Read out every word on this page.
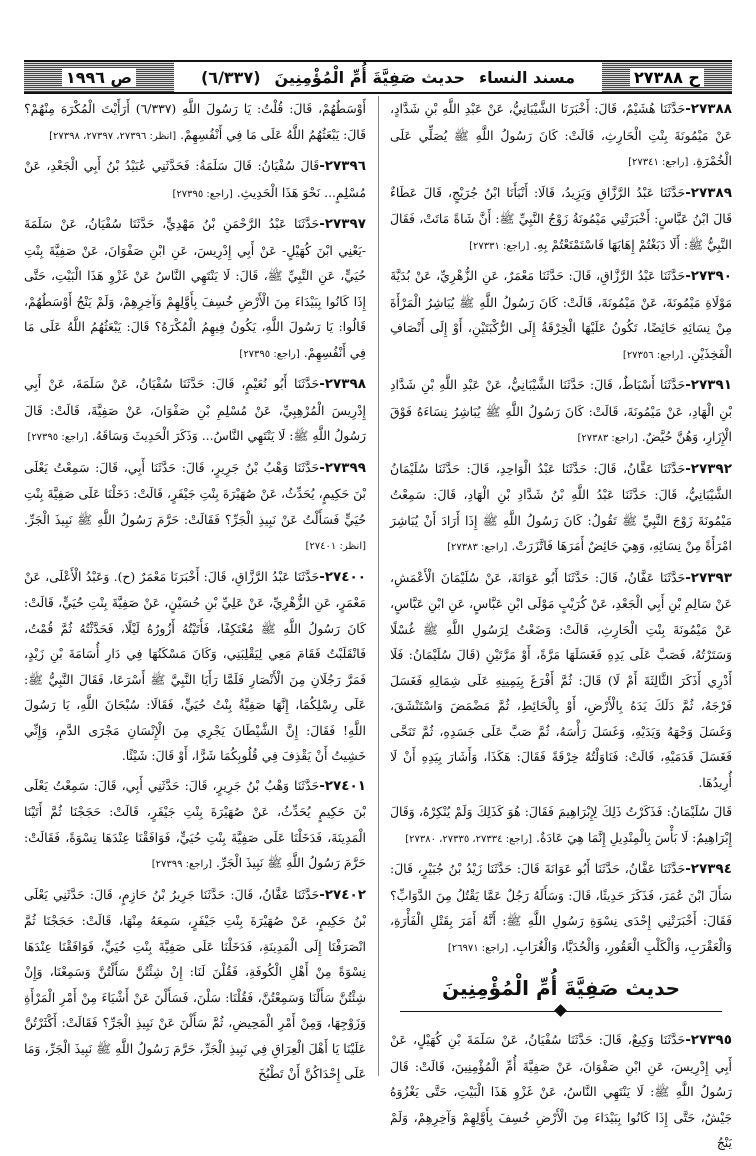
ح ٢٧٣٨٨
مسند النساء
حديث صَفِيَّةَ أُمِّ الْمُؤْمِنِينَ
(٦/٣٣٧)
ص ١٩٩٦

٢٧٣٨٨-حَدَّثَنَا هُشَيْمٌ، قَالَ: أَخْبَرَنَا الشَّيْبَانِيُّ، عَنْ عَبْدِ اللَّهِ بْنِ شَدَّادٍ، عَنْ مَيْمُونَةَ بِنْتِ الْحَارِثِ، قَالَتْ: كَانَ رَسُولُ اللَّهِ ﷺ يُصَلِّي عَلَى الْخُمْرَةِ. [راجع: ٢٧٣٤١]

٢٧٣٨٩-حَدَّثَنَا عَبْدُ الرَّزَّاقِ وَيَزِيدُ، قَالَا: أَنْبَأَنَا ابْنُ جُرَيْجٍ، قَالَ عَطَاءٌ قَالَ ابْنُ عَبَّاسٍ: أَخْبَرَتْنِي مَيْمُونَةُ زَوْجُ النَّبِيِّ ﷺ: أَنَّ شَاةً مَاتَتْ، فَقَالَ النَّبِيُّ ﷺ: أَلَا دَبَغْتُمْ إِهَابَهَا فَاسْتَمْتَعْتُمْ بِهِ. [راجع: ٢٧٣٣١]

٢٧٣٩٠-حَدَّثَنَا عَبْدُ الرَّزَّاقِ، قَالَ: حَدَّثَنَا مَعْمَرٌ، عَنِ الزُّهْرِيِّ، عَنْ بُدَيَّةَ مَوْلَاةِ مَيْمُونَةَ، عَنْ مَيْمُونَةَ، قَالَتْ: كَانَ رَسُولُ اللَّهِ ﷺ يُبَاشِرُ الْمَرْأَةَ مِنْ نِسَائِهِ حَائِضًا، تَكُونُ عَلَيْهَا الْخِرْقَةُ إِلَى الرُّكْبَتَيْنِ، أَوْ إِلَى أَنْصَافِ الْفَخِذَيْنِ. [راجع: ٢٧٣٥٦]

٢٧٣٩١-حَدَّثَنَا أَسْبَاطٌ، قَالَ: حَدَّثَنَا الشَّيْبَانِيُّ، عَنْ عَبْدِ اللَّهِ بْنِ شَدَّادِ بْنِ الْهَادِ، عَنْ مَيْمُونَةَ، قَالَتْ: كَانَ رَسُولُ اللَّهِ ﷺ يُبَاشِرُ نِسَاءَهُ فَوْقَ الْإِزَارِ، وَهُنَّ حُيَّضٌ. [راجع: ٢٧٣٨٣]

٢٧٣٩٢-حَدَّثَنَا عَفَّانُ، قَالَ: حَدَّثَنَا عَبْدُ الْوَاحِدِ، قَالَ: حَدَّثَنَا سُلَيْمَانُ الشَّيْبَانِيُّ، قَالَ: حَدَّثَنَا عَبْدُ اللَّهِ بْنُ شَدَّادِ بْنِ الْهَادِ، قَالَ: سَمِعْتُ مَيْمُونَةَ زَوْجَ النَّبِيِّ ﷺ تَقُولُ: كَانَ رَسُولُ اللَّهِ ﷺ إِذَا أَرَادَ أَنْ يُبَاشِرَ امْرَأَةً مِنْ نِسَائِهِ، وَهِيَ حَائِضٌ أَمَرَهَا فَاتَّزَرَتْ. [راجع: ٢٧٣٨٣]

٢٧٣٩٣-حَدَّثَنَا عَفَّانُ، قَالَ: حَدَّثَنَا أَبُو عَوَانَةَ، عَنْ سُلَيْمَانَ الْأَعْمَشِ، عَنْ سَالِمِ بْنِ أَبِي الْجَعْدِ، عَنْ كُرَيْبٍ مَوْلَى ابْنِ عَبَّاسٍ، عَنِ ابْنِ عَبَّاسٍ، عَنْ مَيْمُونَةَ بِنْتِ الْحَارِثِ، قَالَتْ: وَضَعْتُ لِرَسُولِ اللَّهِ ﷺ غُسْلًا وَسَتَرْتُهُ، فَصَبَّ عَلَى يَدِهِ فَغَسَلَهَا مَرَّةً، أَوْ مَرَّتَيْنِ (قَالَ سُلَيْمَانُ: فَلَا أَدْرِي أَذَكَرَ الثَّالِثَةَ أَمْ لَا) قَالَ: ثُمَّ أَفْرَغَ بِيَمِينِهِ عَلَى شِمَالِهِ فَغَسَلَ فَرْجَهُ، ثُمَّ دَلَكَ يَدَهُ بِالْأَرْضِ، أَوْ بِالْحَائِطِ، ثُمَّ مَضْمَضَ وَاسْتَنْشَقَ، وَغَسَلَ وَجْهَهُ وَيَدَيْهِ، وَغَسَلَ رَأْسَهُ، ثُمَّ صَبَّ عَلَى جَسَدِهِ، ثُمَّ تَنَحَّى فَغَسَلَ قَدَمَيْهِ، قَالَتْ: فَنَاوَلْتُهُ خِرْقَةً فَقَالَ: هَكَذَا، وَأَشَارَ بِيَدِهِ أَنْ لَا أُرِيدُهَا.

قَالَ سُلَيْمَانُ: فَذَكَرْتُ ذَلِكَ لِإِبْرَاهِيمَ فَقَالَ: هُوَ كَذَلِكَ وَلَمْ يُنْكِرْهُ، وَقَالَ إِبْرَاهِيمُ: لَا بَأْسَ بِالْمِنْدِيلِ إِنَّمَا هِيَ عَادَةٌ. [راجع: ٢٧٣٣٤، ٢٧٣٣٥، ٢٧٣٨٠]

٢٧٣٩٤-حَدَّثَنَا عَفَّانُ، حَدَّثَنَا أَبُو عَوَانَةَ قَالَ: حَدَّثَنَا زَيْدُ بْنُ جُبَيْرٍ، قَالَ: سَأَلَ ابْنَ عُمَرَ، فَذَكَرَ حَدِيثًا، قَالَ: وَسَأَلَهُ رَجُلٌ عَمَّا يَقْتُلُ مِنَ الدَّوَابِّ؟ فَقَالَ: أَخْبَرَتْنِي إِحْدَى نِسْوَةِ رَسُولِ اللَّهِ ﷺ: أَنَّهُ أَمَرَ بِقَتْلِ الْفَأْرَةِ، وَالْعَقْرَبِ، وَالْكَلْبِ الْعَقُورِ، وَالْحُدَيَّا، وَالْغُرَابِ. [راجع: ٢٦٩٧١]

حديث صَفِيَّةَ أُمِّ الْمُؤْمِنِينَ

٢٧٣٩٥-حَدَّثَنَا وَكِيعٌ، قَالَ: حَدَّثَنَا سُفْيَانُ، عَنْ سَلَمَةَ بْنِ كُهَيْلٍ، عَنْ أَبِي إِدْرِيسَ، عَنِ ابْنِ صَفْوَانَ، عَنْ صَفِيَّةَ أُمِّ الْمُؤْمِنِينَ، قَالَتْ: قَالَ رَسُولُ اللَّهِ ﷺ: لَا يَنْتَهِي النَّاسُ، عَنْ غَزْوِ هَذَا الْبَيْتِ، حَتَّى يَغْزُوَهُ جَيْشٌ، حَتَّى إِذَا كَانُوا بِبَيْدَاءَ مِنَ الْأَرْضِ خُسِفَ بِأَوَّلِهِمْ وَآخِرِهِمْ، وَلَمْ يَنْجُ

أَوْسَطُهُمْ، قَالَ: قُلْتُ: يَا رَسُولَ اللَّهِ (٦/٣٣٧) أَرَأَيْتَ الْمُكْرَهَ مِنْهُمْ؟ قَالَ: يَبْعَثُهُمُ اللَّهُ عَلَى مَا فِي أَنْفُسِهِمْ. [انظر: ٢٧٣٩٦، ٢٧٣٩٧، ٢٧٣٩٨]

٢٧٣٩٦-قَالَ سُفْيَانُ: قَالَ سَلَمَةُ: فَحَدَّثَنِي عُبَيْدُ بْنُ أَبِي الْجَعْدِ، عَنْ مُسْلِمٍ... نَحْوَ هَذَا الْحَدِيثِ. [راجع: ٢٧٣٩٥]

٢٧٣٩٧-حَدَّثَنَا عَبْدُ الرَّحْمَنِ بْنُ مَهْدِيٍّ، حَدَّثَنَا سُفْيَانُ، عَنْ سَلَمَةَ -يَعْنِي ابْنَ كُهَيْلٍ- عَنْ أَبِي إِدْرِيسَ، عَنِ ابْنِ صَفْوَانَ، عَنْ صَفِيَّةَ بِنْتِ حُيَيٍّ، عَنِ النَّبِيِّ ﷺ، قَالَ: لَا يَنْتَهِي النَّاسُ عَنْ غَزْوِ هَذَا الْبَيْتِ، حَتَّى إِذَا كَانُوا بِبَيْدَاءَ مِنَ الْأَرْضِ خُسِفَ بِأَوَّلِهِمْ وَآخِرِهِمْ، وَلَمْ يَنْجُ أَوْسَطُهُمْ، قَالُوا: يَا رَسُولَ اللَّهِ، يَكُونُ فِيهِمُ الْمُكْرَهُ؟ قَالَ: يَبْعَثُهُمُ اللَّهُ عَلَى مَا فِي أَنْفُسِهِمْ. [راجع: ٢٧٣٩٥]

٢٧٣٩٨-حَدَّثَنَا أَبُو نُعَيْمٍ، قَالَ: حَدَّثَنَا سُفْيَانُ، عَنْ سَلَمَةَ، عَنْ أَبِي إِدْرِيسَ الْمُرْهِبِيِّ، عَنْ مُسْلِمِ بْنِ صَفْوَانَ، عَنْ صَفِيَّةَ، قَالَتْ: قَالَ رَسُولُ اللَّهِ ﷺ: لَا يَنْتَهِي النَّاسُ... وَذَكَرَ الْحَدِيثَ وَسَاقَهُ. [راجع: ٢٧٣٩٥]

٢٧٣٩٩-حَدَّثَنَا وَهْبُ بْنُ جَرِيرٍ، قَالَ: حَدَّثَنَا أَبِي، قَالَ: سَمِعْتُ يَعْلَى بْنَ حَكِيمٍ، يُحَدِّثُ، عَنْ صُهَيْرَةَ بِنْتِ جَيْفَرٍ، قَالَتْ: دَخَلْنَا عَلَى صَفِيَّةَ بِنْتِ حُيَيٍّ فَسَأَلْتُ عَنْ نَبِيذِ الْجَرِّ؟ فَقَالَتْ: حَرَّمَ رَسُولُ اللَّهِ ﷺ نَبِيذَ الْجَرِّ. [انظر: ٢٧٤٠١]

٢٧٤٠٠-حَدَّثَنَا عَبْدُ الرَّزَّاقِ، قَالَ: أَخْبَرَنَا مَعْمَرٌ (ح). وَعَبْدُ الْأَعْلَى، عَنْ مَعْمَرٍ، عَنِ الزُّهْرِيِّ، عَنْ عَلِيِّ بْنِ حُسَيْنٍ، عَنْ صَفِيَّةَ بِنْتِ حُيَيٍّ، قَالَتْ: كَانَ رَسُولُ اللَّهِ ﷺ مُعْتَكِفًا، فَأَتَيْتُهُ أَزُورُهُ لَيْلًا، فَحَدَّثْتُهُ ثُمَّ قُمْتُ، فَانْقَلَبْتُ فَقَامَ مَعِي لِيَقْلِبَنِي، وَكَانَ مَسْكَنُهَا فِي دَارِ أُسَامَةَ بْنِ زَيْدٍ، فَمَرَّ رَجُلَانِ مِنَ الْأَنْصَارِ فَلَمَّا رَأَيَا النَّبِيَّ ﷺ أَسْرَعَا، فَقَالَ النَّبِيُّ ﷺ: عَلَى رِسْلِكُمَا، إِنَّهَا صَفِيَّةُ بِنْتُ حُيَيٍّ، فَقَالَا: سُبْحَانَ اللَّهِ، يَا رَسُولَ اللَّهِ! فَقَالَ: إِنَّ الشَّيْطَانَ يَجْرِي مِنَ الْإِنْسَانِ مَجْرَى الدَّمِ، وَإِنِّي خَشِيتُ أَنْ يَقْذِفَ فِي قُلُوبِكُمَا شَرًّا، أَوْ قَالَ: شَيْئًا.

٢٧٤٠١-حَدَّثَنَا وَهْبُ بْنُ جَرِيرٍ، قَالَ: حَدَّثَنِي أَبِي، قَالَ: سَمِعْتُ يَعْلَى بْنَ حَكِيمٍ يُحَدِّثُ، عَنْ صُهَيْرَةَ بِنْتِ جَيْفَرٍ، قَالَتْ: حَجَجْنَا ثُمَّ أَتَيْنَا الْمَدِينَةَ، فَدَخَلْنَا عَلَى صَفِيَّةَ بِنْتِ حُيَيٍّ، فَوَافَقْنَا عِنْدَهَا نِسْوَةً، فَقَالَتْ: حَرَّمَ رَسُولُ اللَّهِ ﷺ نَبِيذَ الْجَرِّ. [راجع: ٢٧٣٩٩]

٢٧٤٠٢-حَدَّثَنَا عَفَّانُ، قَالَ: حَدَّثَنَا جَرِيرُ بْنُ حَازِمٍ، قَالَ: حَدَّثَنِي يَعْلَى بْنُ حَكِيمٍ، عَنْ صُهَيْرَةَ بِنْتِ جَيْفَرٍ، سَمِعَهُ مِنْهَا، قَالَتْ: حَجَجْنَا ثُمَّ انْصَرَفْنَا إِلَى الْمَدِينَةِ، فَدَخَلْنَا عَلَى صَفِيَّةَ بِنْتِ حُيَيٍّ، فَوَافَقْنَا عِنْدَهَا نِسْوَةً مِنْ أَهْلِ الْكُوفَةِ، فَقُلْنَ لَنَا: إِنْ شِئْتُنَّ سَأَلْتُنَّ وَسَمِعْنَا، وَإِنْ شِئْتُنَّ سَأَلْنَا وَسَمِعْتُنَّ، فَقُلْنَا: سَلْنَ، فَسَأَلْنَ عَنْ أَشْيَاءَ مِنْ أَمْرِ الْمَرْأَةِ وَزَوْجِهَا، وَمِنْ أَمْرِ الْمَحِيضِ، ثُمَّ سَأَلْنَ عَنْ نَبِيذِ الْجَرِّ؟ فَقَالَتْ: أَكْثَرْتُنَّ عَلَيْنَا يَا أَهْلَ الْعِرَاقِ فِي نَبِيذِ الْجَرِّ، حَرَّمَ رَسُولُ اللَّهِ ﷺ نَبِيذَ الْجَرِّ، وَمَا عَلَى إِحْدَاكُنَّ أَنْ تَطْبُخَ
